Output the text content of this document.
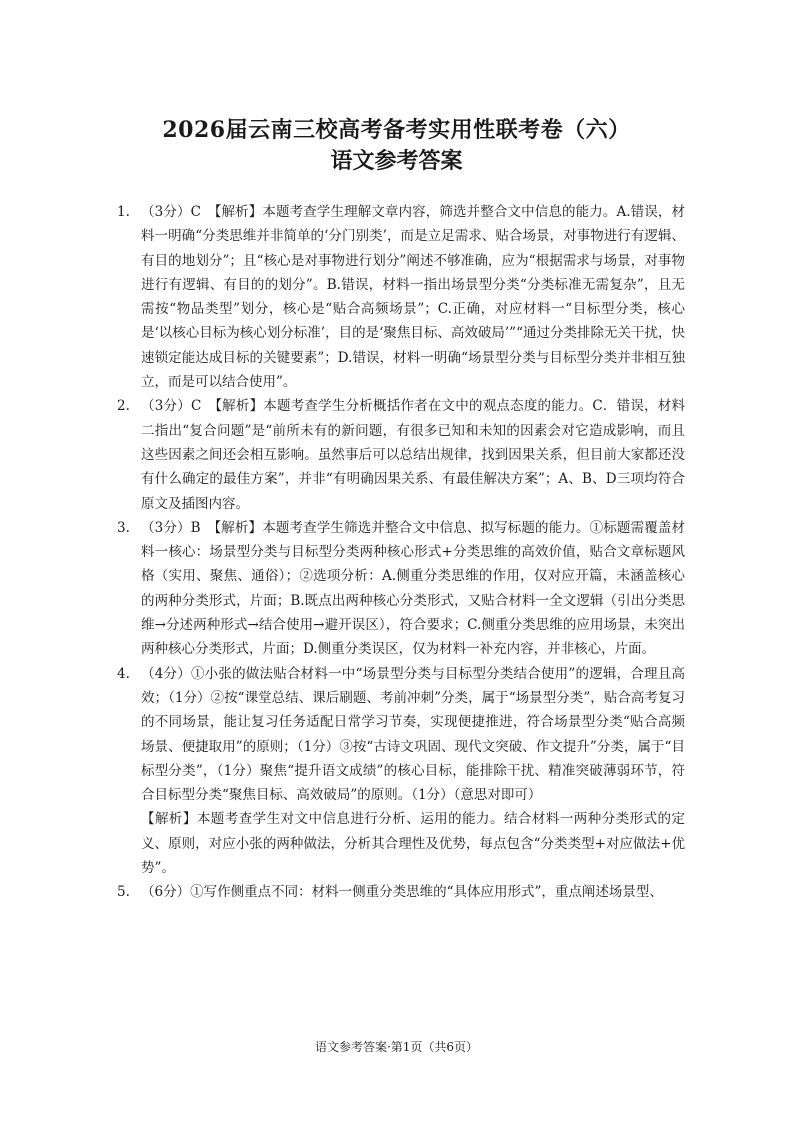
2026届云南三校高考备考实用性联考卷（六）
语文参考答案
1. （3分）C　【解析】本题考查学生理解文章内容，筛选并整合文中信息的能力。A.错误，材料一明确“分类思维并非简单的‘分门别类’，而是立足需求、贴合场景，对事物进行有逻辑、有目的地划分”；且“核心是对事物进行划分”阐述不够准确，应为“根据需求与场景，对事物进行有逻辑、有目的的划分”。B.错误，材料一指出场景型分类“分类标准无需复杂”，且无需按“物品类型”划分，核心是“贴合高频场景”；C.正确，对应材料一“目标型分类，核心是‘以核心目标为核心划分标准’，目的是‘聚焦目标、高效破局’”“通过分类排除无关干扰，快速锁定能达成目标的关键要素”；D.错误，材料一明确“场景型分类与目标型分类并非相互独立，而是可以结合使用”。
2. （3分）C　【解析】本题考查学生分析概括作者在文中的观点态度的能力。C．错误，材料二指出“复合问题”是“前所未有的新问题，有很多已知和未知的因素会对它造成影响，而且这些因素之间还会相互影响。虽然事后可以总结出规律，找到因果关系，但目前大家都还没有什么确定的最佳方案”，并非“有明确因果关系、有最佳解决方案”；A、B、D三项均符合原文及插图内容。
3. （3分）B　【解析】本题考查学生筛选并整合文中信息、拟写标题的能力。①标题需覆盖材料一核心：场景型分类与目标型分类两种核心形式+分类思维的高效价值，贴合文章标题风格（实用、聚焦、通俗）；②选项分析：A.侧重分类思维的作用，仅对应开篇，未涵盖核心的两种分类形式，片面；B.既点出两种核心分类形式，又贴合材料一全文逻辑（引出分类思维→分述两种形式→结合使用→避开误区），符合要求；C.侧重分类思维的应用场景，未突出两种核心分类形式，片面；D.侧重分类误区，仅为材料一补充内容，并非核心，片面。
4. （4分）①小张的做法贴合材料一中“场景型分类与目标型分类结合使用”的逻辑，合理且高效；（1分）②按“课堂总结、课后刷题、考前冲刺”分类，属于“场景型分类”，贴合高考复习的不同场景，能让复习任务适配日常学习节奏，实现便捷推进，符合场景型分类“贴合高频场景、便捷取用”的原则；（1分）③按“古诗文巩固、现代文突破、作文提升”分类，属于“目标型分类”，（1分）聚焦“提升语文成绩”的核心目标，能排除干扰、精准突破薄弱环节，符合目标型分类“聚焦目标、高效破局”的原则。（1分）（意思对即可）
【解析】本题考查学生对文中信息进行分析、运用的能力。结合材料一两种分类形式的定义、原则，对应小张的两种做法，分析其合理性及优势，每点包含“分类类型+对应做法+优势”。
5. （6分）①写作侧重点不同：材料一侧重分类思维的“具体应用形式”，重点阐述场景型、
语文参考答案·第1页（共6页）
